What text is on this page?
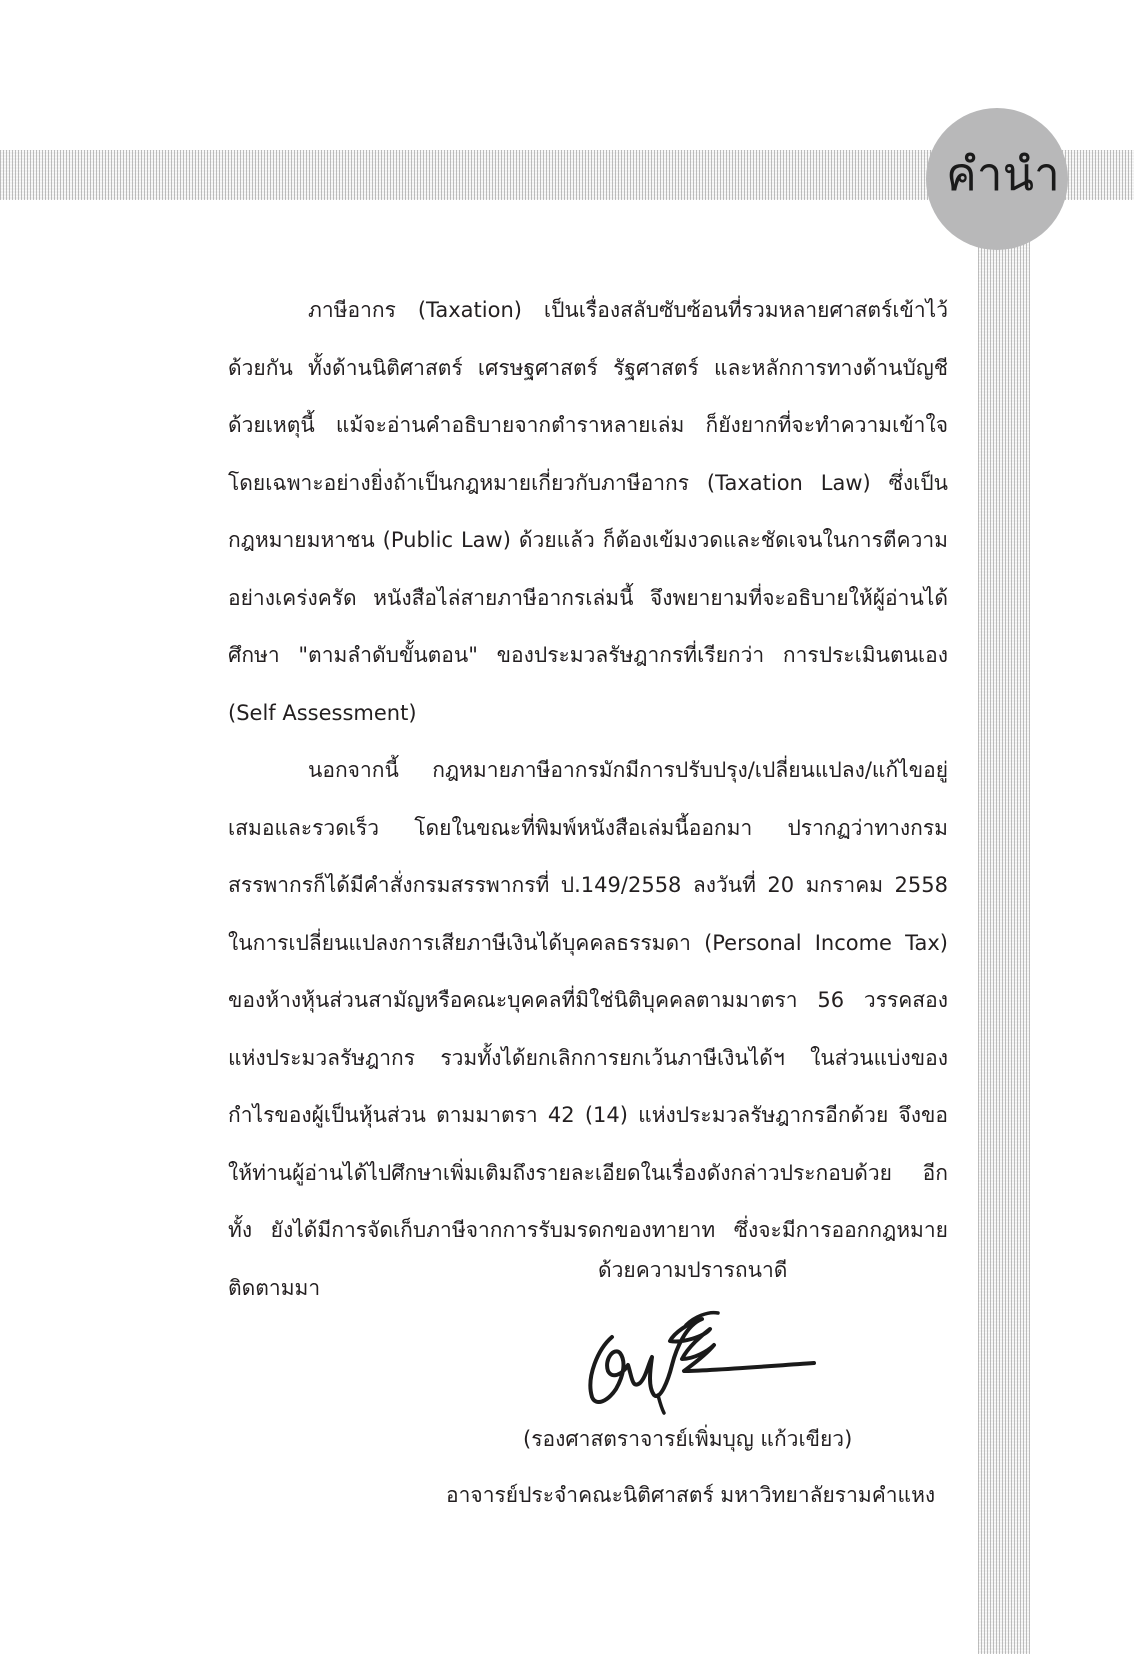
คำนำ

ภาษีอากร (Taxation) เป็นเรื่องสลับซับซ้อนที่รวมหลายศาสตร์เข้าไว้ด้วยกัน ทั้งด้านนิติศาสตร์ เศรษฐศาสตร์ รัฐศาสตร์ และหลักการทางด้านบัญชี ด้วยเหตุนี้ แม้จะอ่านคำอธิบายจากตำราหลายเล่ม ก็ยังยากที่จะทำความเข้าใจ โดยเฉพาะอย่างยิ่งถ้าเป็นกฎหมายเกี่ยวกับภาษีอากร (Taxation Law) ซึ่งเป็นกฎหมายมหาชน (Public Law) ด้วยแล้ว ก็ต้องเข้มงวดและชัดเจนในการตีความอย่างเคร่งครัด หนังสือไล่สายภาษีอากรเล่มนี้ จึงพยายามที่จะอธิบายให้ผู้อ่านได้ศึกษา "ตามลำดับขั้นตอน" ของประมวลรัษฎากรที่เรียกว่า การประเมินตนเอง (Self Assessment)

นอกจากนี้ กฎหมายภาษีอากรมักมีการปรับปรุง/เปลี่ยนแปลง/แก้ไขอยู่เสมอและรวดเร็ว โดยในขณะที่พิมพ์หนังสือเล่มนี้ออกมา ปรากฏว่าทางกรมสรรพากรก็ได้มีคำสั่งกรมสรรพากรที่ ป.149/2558 ลงวันที่ 20 มกราคม 2558 ในการเปลี่ยนแปลงการเสียภาษีเงินได้บุคคลธรรมดา (Personal Income Tax) ของห้างหุ้นส่วนสามัญหรือคณะบุคคลที่มิใช่นิติบุคคลตามมาตรา 56 วรรคสอง แห่งประมวลรัษฎากร รวมทั้งได้ยกเลิกการยกเว้นภาษีเงินได้ฯ ในส่วนแบ่งของกำไรของผู้เป็นหุ้นส่วน ตามมาตรา 42 (14) แห่งประมวลรัษฎากรอีกด้วย จึงขอให้ท่านผู้อ่านได้ไปศึกษาเพิ่มเติมถึงรายละเอียดในเรื่องดังกล่าวประกอบด้วย อีกทั้ง ยังได้มีการจัดเก็บภาษีจากการรับมรดกของทายาท ซึ่งจะมีการออกกฎหมายติดตามมา

ด้วยความปรารถนาดี
(รองศาสตราจารย์เพิ่มบุญ แก้วเขียว)
อาจารย์ประจำคณะนิติศาสตร์ มหาวิทยาลัยรามคำแหง
